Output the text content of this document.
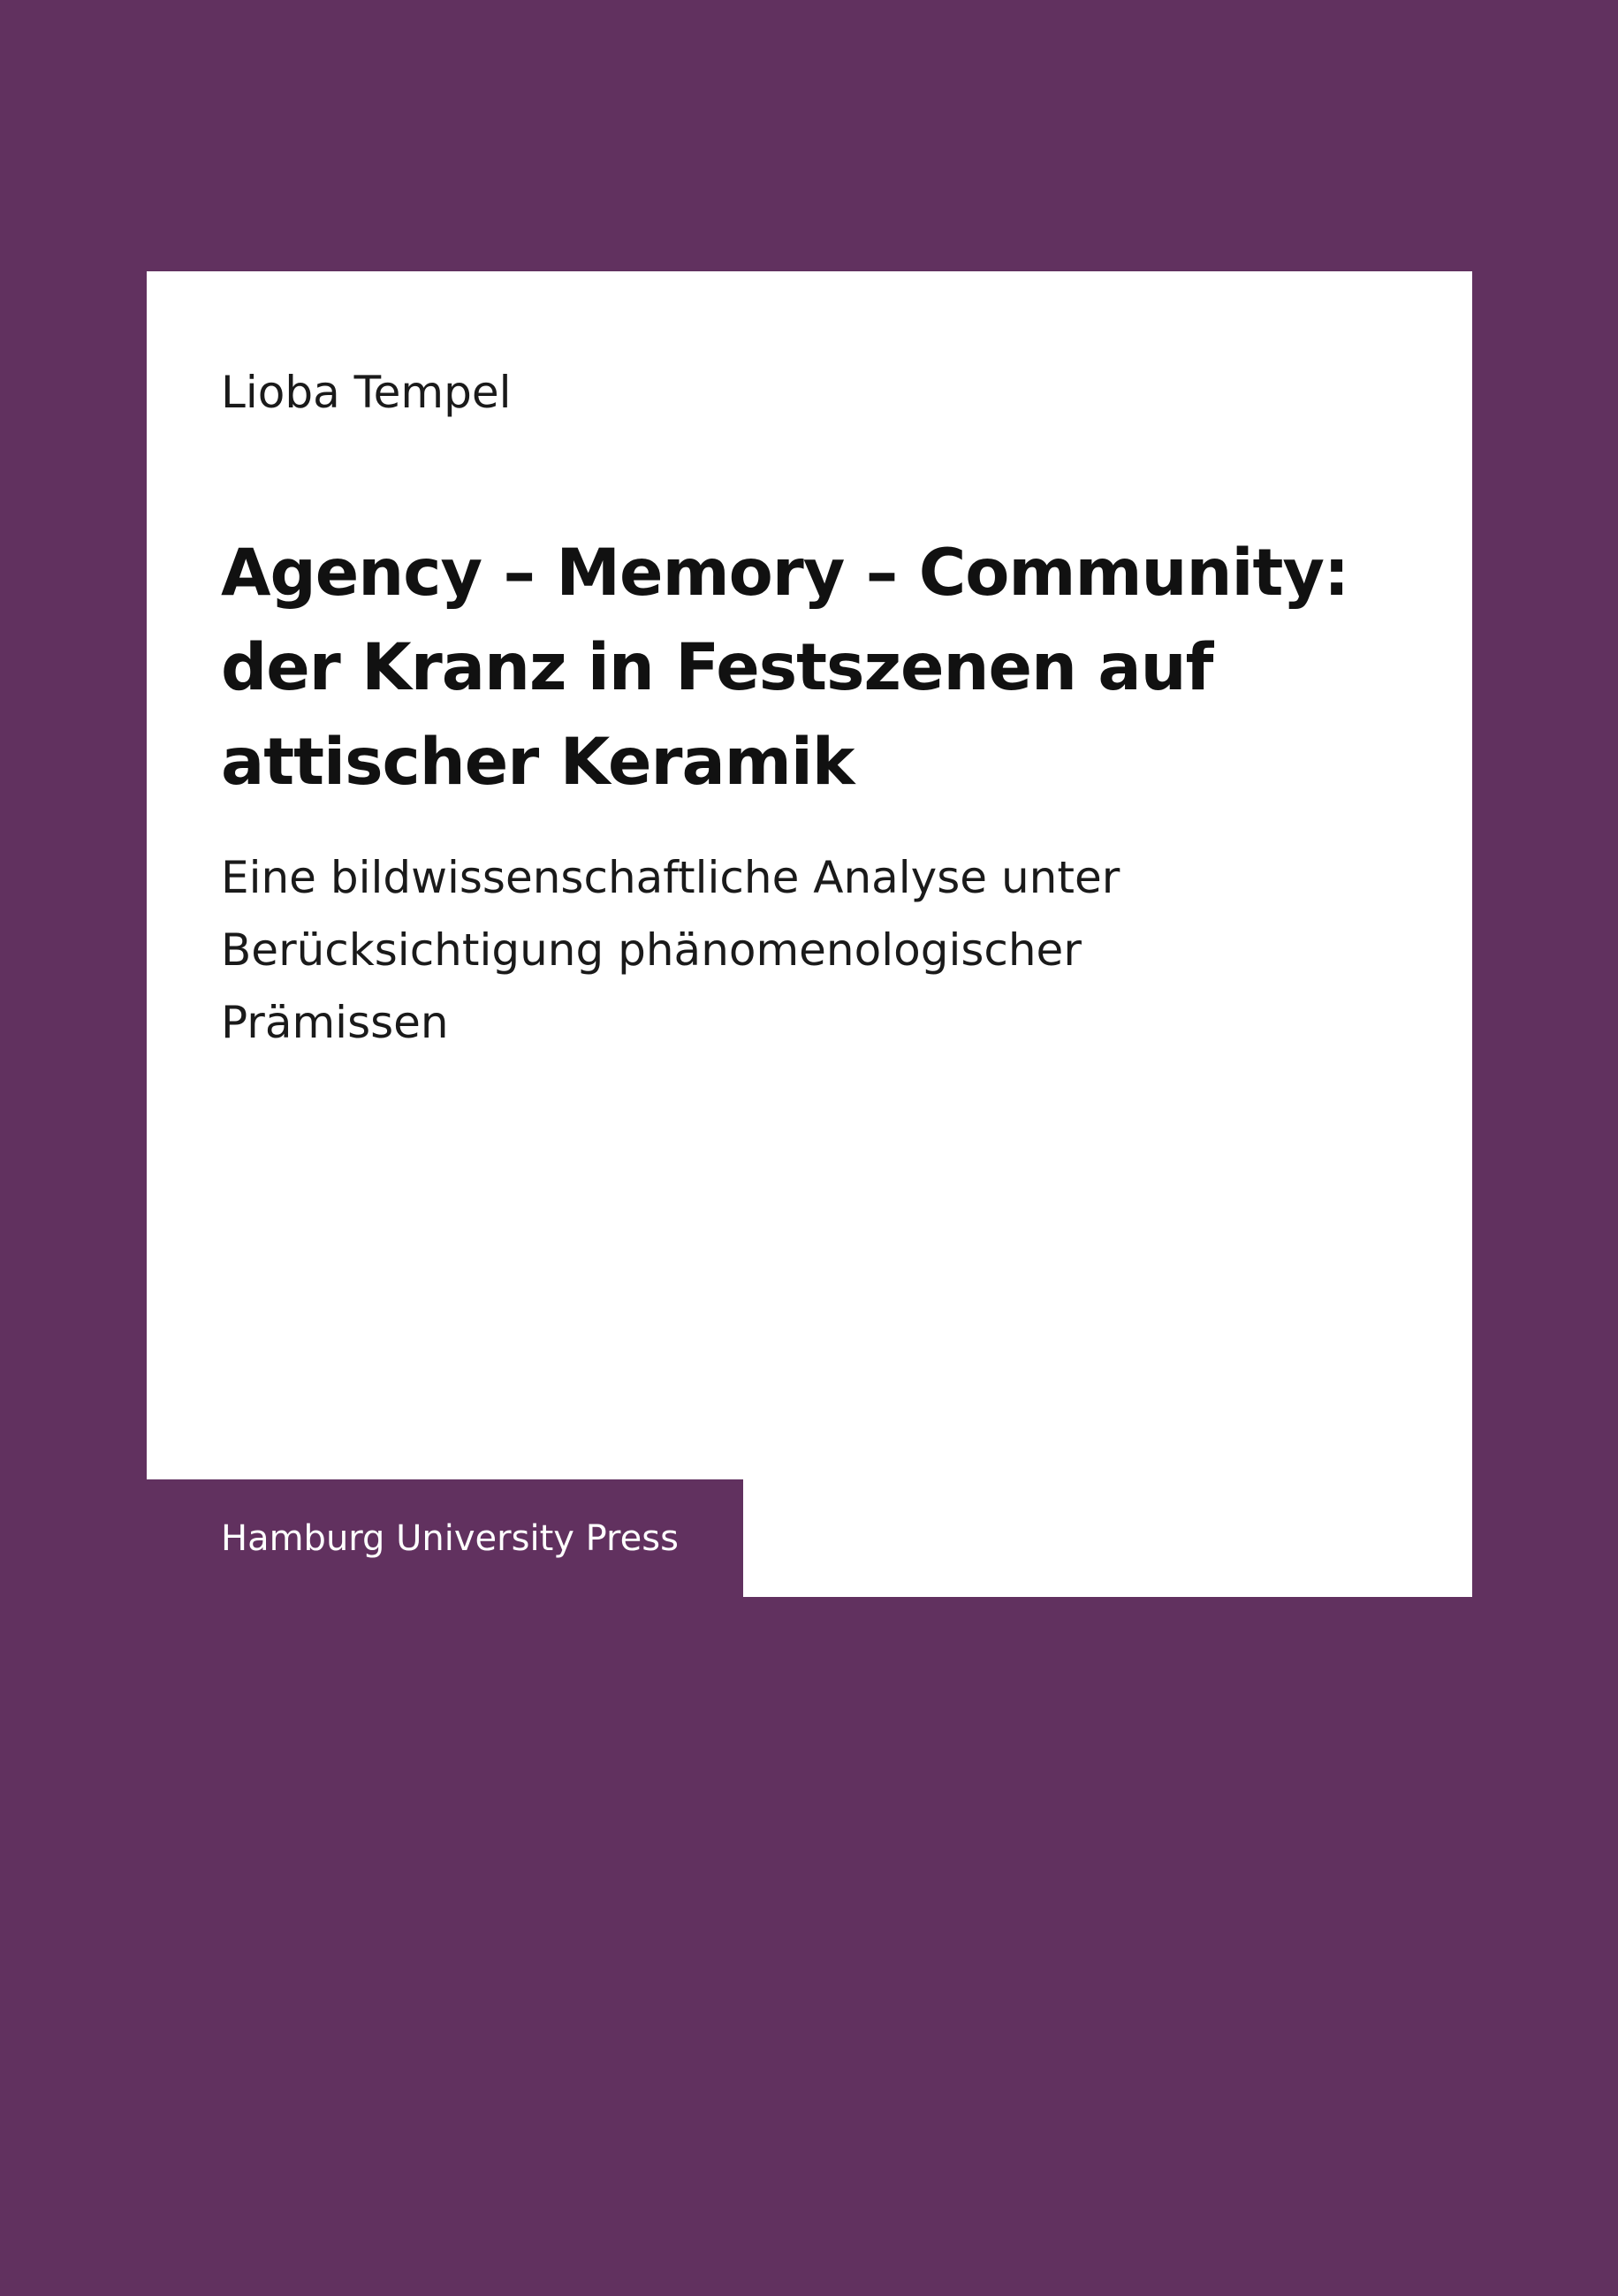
Lioba Tempel

Agency – Memory – Community:
der Kranz in Festszenen auf
attischer Keramik

Eine bildwissenschaftliche Analyse unter
Berücksichtigung phänomenologischer
Prämissen

Hamburg University Press
